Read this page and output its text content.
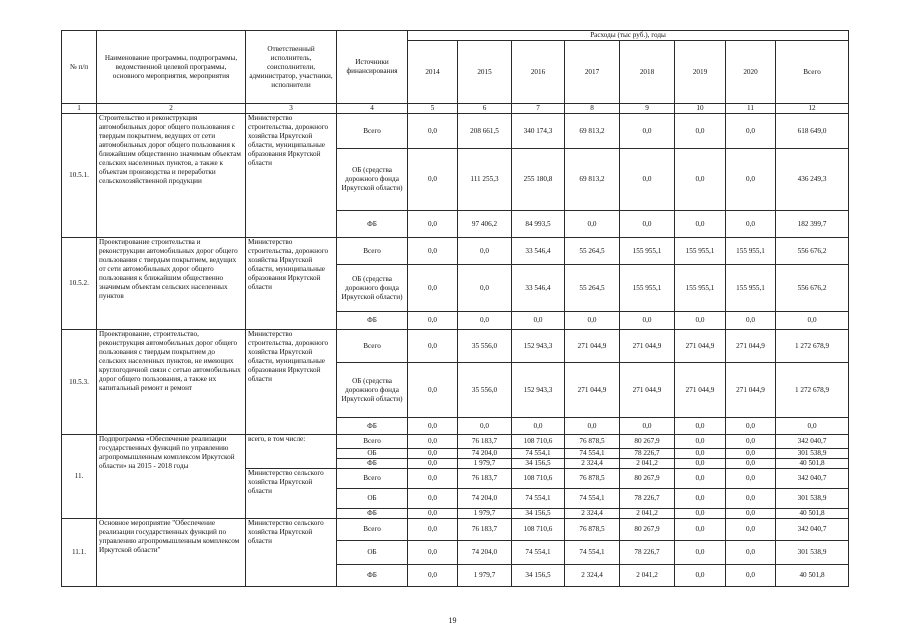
№ п/п	Наименование программы, подпрограммы, ведомственной целевой программы, основного мероприятия, мероприятия	Ответственный исполнитель, соисполнители, администратор, участники, исполнители	Источники финансирования	Расходы (тыс руб.), годы							
				2014	2015	2016	2017	2018	2019	2020	Всего
1	2	3	4	5	6	7	8	9	10	11	12
10.5.1.	Строительство и реконструкция автомобильных дорог общего пользования с твердым покрытием, ведущих от сети автомобильных дорог общего пользования к ближайшим общественно значимым объектам сельских населенных пунктов, а также к объектам производства и переработки сельскохозяйственной продукции	Министерство строительства, дорожного хозяйства Иркутской области, муниципальные образования Иркутской области	Всего	0,0	208 661,5	340 174,3	69 813,2	0,0	0,0	0,0	618 649,0
			ОБ (средства дорожного фонда Иркутской области)	0,0	111 255,3	255 180,8	69 813,2	0,0	0,0	0,0	436 249,3
			ФБ	0,0	97 406,2	84 993,5	0,0	0,0	0,0	0,0	182 399,7
10.5.2.	Проектирование строительства и реконструкции автомобильных дорог общего пользования с твердым покрытием, ведущих от сети автомобильных дорог общего пользования к ближайшим общественно значимым объектам сельских населенных пунктов	Министерство строительства, дорожного хозяйства Иркутской области, муниципальные образования Иркутской области	Всего	0,0	0,0	33 546,4	55 264,5	155 955,1	155 955,1	155 955,1	556 676,2
			ОБ (средства дорожного фонда Иркутской области)	0,0	0,0	33 546,4	55 264,5	155 955,1	155 955,1	155 955,1	556 676,2
			ФБ	0,0	0,0	0,0	0,0	0,0	0,0	0,0	0,0
10.5.3.	Проектирование, строительство, реконструкция автомобильных дорог общего пользования с твердым покрытием до сельских населенных пунктов, не имеющих круглогодичной связи с сетью автомобильных дорог общего пользования, а также их капитальный ремонт и ремонт	Министерство строительства, дорожного хозяйства Иркутской области, муниципальные образования Иркутской области	Всего	0,0	35 556,0	152 943,3	271 044,9	271 044,9	271 044,9	271 044,9	1 272 678,9
			ОБ (средства дорожного фонда Иркутской области)	0,0	35 556,0	152 943,3	271 044,9	271 044,9	271 044,9	271 044,9	1 272 678,9
			ФБ	0,0	0,0	0,0	0,0	0,0	0,0	0,0	0,0
11.	Подпрограмма «Обеспечение реализации государственных функций по управлению агропромышленным комплексом Иркутской области» на 2015 - 2018 годы	всего, в том числе:	Всего	0,0	76 183,7	108 710,6	76 878,5	80 267,9	0,0	0,0	342 040,7
			ОБ	0,0	74 204,0	74 554,1	74 554,1	78 226,7	0,0	0,0	301 538,9
			ФБ	0,0	1 979,7	34 156,5	2 324,4	2 041,2	0,0	0,0	40 501,8
		Министерство сельского хозяйства Иркутской области	Всего	0,0	76 183,7	108 710,6	76 878,5	80 267,9	0,0	0,0	342 040,7
			ОБ	0,0	74 204,0	74 554,1	74 554,1	78 226,7	0,0	0,0	301 538,9
			ФБ	0,0	1 979,7	34 156,5	2 324,4	2 041,2	0,0	0,0	40 501,8
11.1.	Основное мероприятие "Обеспечение реализации государственных функций по управлению агропромышленным комплексом Иркутской области"	Министерство сельского хозяйства Иркутской области	Всего	0,0	76 183,7	108 710,6	76 878,5	80 267,9	0,0	0,0	342 040,7
			ОБ	0,0	74 204,0	74 554,1	74 554,1	78 226,7	0,0	0,0	301 538,9
			ФБ	0,0	1 979,7	34 156,5	2 324,4	2 041,2	0,0	0,0	40 501,8
19
